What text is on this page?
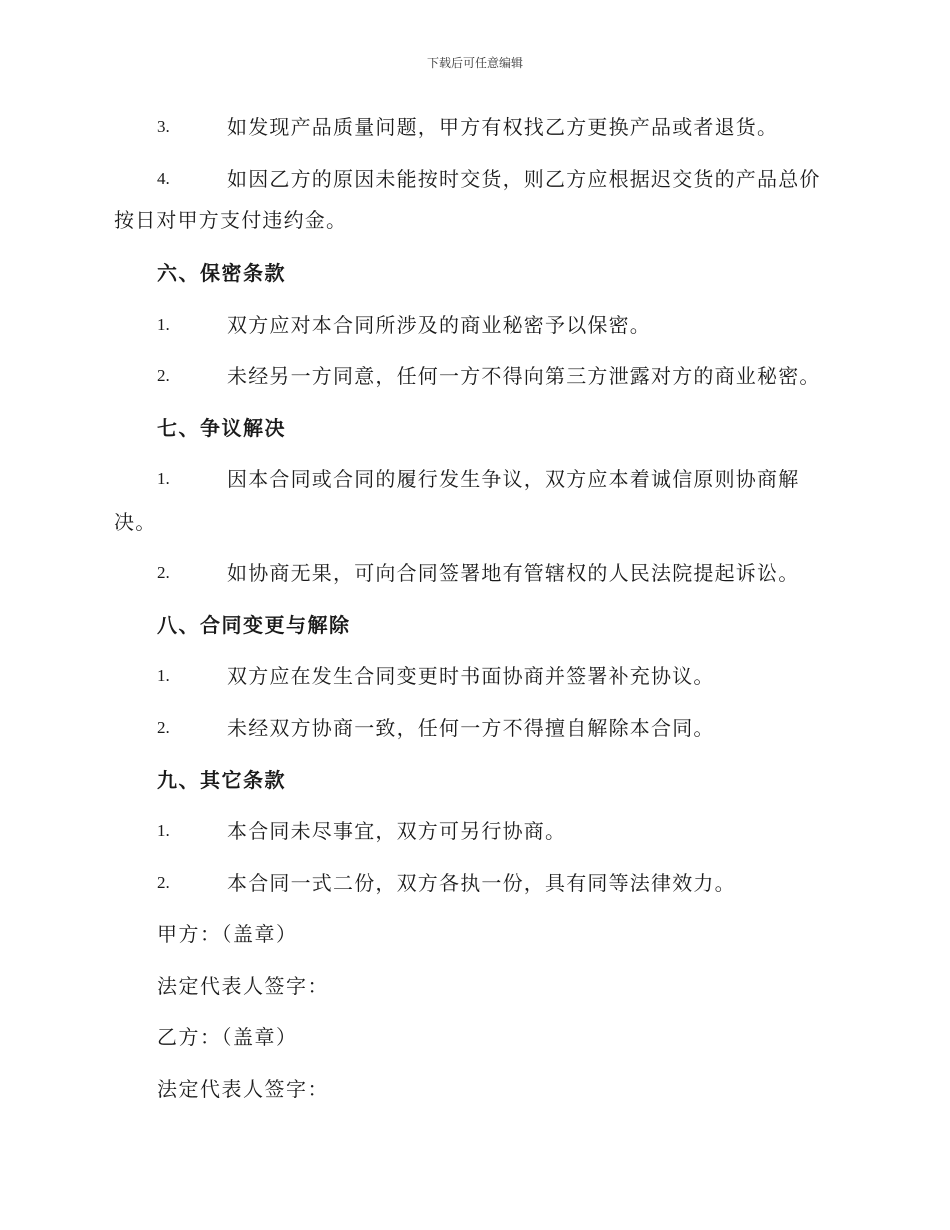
下载后可任意编辑
3.	如发现产品质量问题，甲方有权找乙方更换产品或者退货。
4.	如因乙方的原因未能按时交货，则乙方应根据迟交货的产品总价
按日对甲方支付违约金。
六、保密条款
1.	双方应对本合同所涉及的商业秘密予以保密。
2.	未经另一方同意，任何一方不得向第三方泄露对方的商业秘密。
七、争议解决
1.	因本合同或合同的履行发生争议，双方应本着诚信原则协商解
决。
2.	如协商无果，可向合同签署地有管辖权的人民法院提起诉讼。
八、合同变更与解除
1.	双方应在发生合同变更时书面协商并签署补充协议。
2.	未经双方协商一致，任何一方不得擅自解除本合同。
九、其它条款
1.	本合同未尽事宜，双方可另行协商。
2.	本合同一式二份，双方各执一份，具有同等法律效力。
甲方：（盖章）
法定代表人签字：
乙方：（盖章）
法定代表人签字：
